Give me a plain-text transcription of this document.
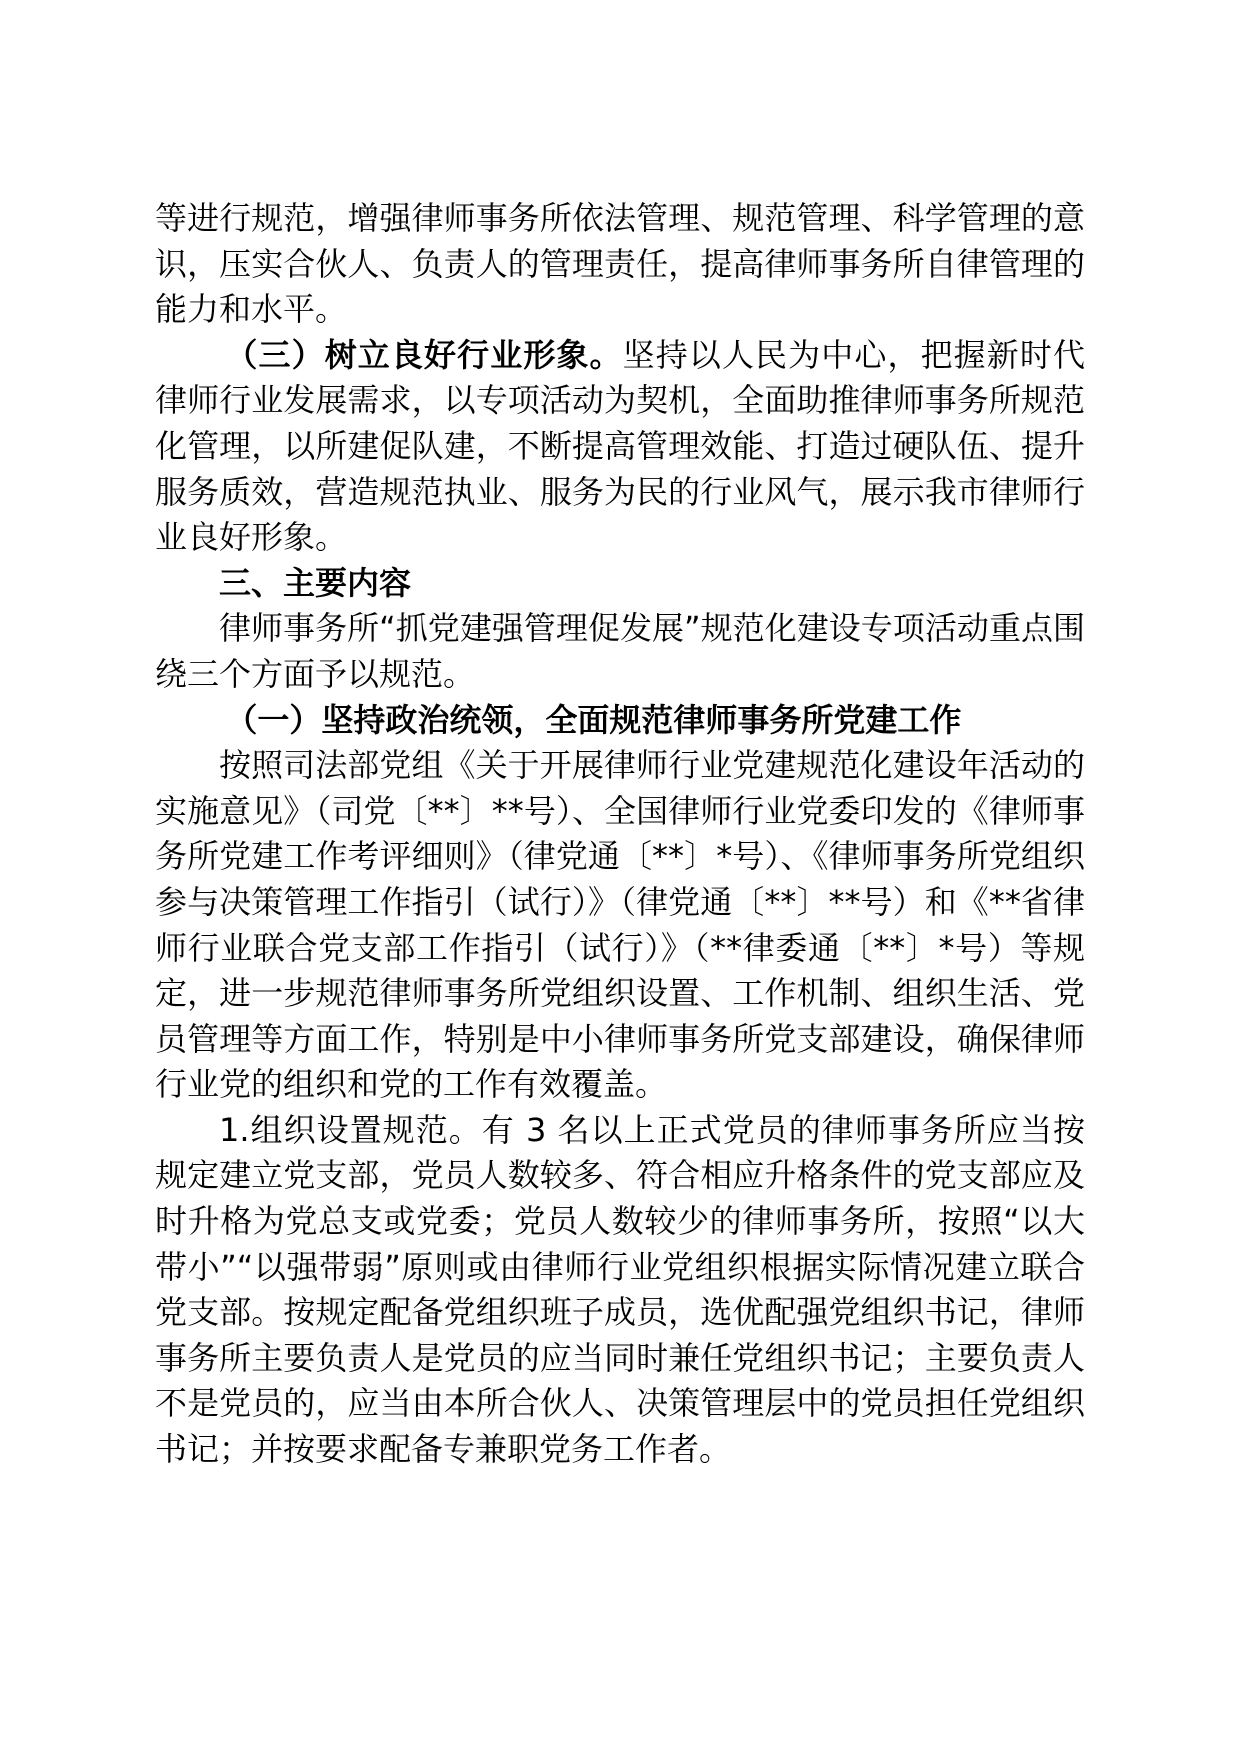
等进行规范，增强律师事务所依法管理、规范管理、科学管理的意识，压实合伙人、负责人的管理责任，提高律师事务所自律管理的能力和水平。

（三）树立良好行业形象。坚持以人民为中心，把握新时代律师行业发展需求，以专项活动为契机，全面助推律师事务所规范化管理，以所建促队建，不断提高管理效能、打造过硬队伍、提升服务质效，营造规范执业、服务为民的行业风气，展示我市律师行业良好形象。

三、主要内容

律师事务所“抓党建强管理促发展”规范化建设专项活动重点围绕三个方面予以规范。

（一）坚持政治统领，全面规范律师事务所党建工作

按照司法部党组《关于开展律师行业党建规范化建设年活动的实施意见》（司党〔**〕**号）、全国律师行业党委印发的《律师事务所党建工作考评细则》（律党通〔**〕*号）、《律师事务所党组织参与决策管理工作指引（试行）》（律党通〔**〕**号）和《**省律师行业联合党支部工作指引（试行）》（**律委通〔**〕*号）等规定，进一步规范律师事务所党组织设置、工作机制、组织生活、党员管理等方面工作，特别是中小律师事务所党支部建设，确保律师行业党的组织和党的工作有效覆盖。

1.组织设置规范。有 3 名以上正式党员的律师事务所应当按规定建立党支部，党员人数较多、符合相应升格条件的党支部应及时升格为党总支或党委；党员人数较少的律师事务所，按照“以大带小”“以强带弱”原则或由律师行业党组织根据实际情况建立联合党支部。按规定配备党组织班子成员，选优配强党组织书记，律师事务所主要负责人是党员的应当同时兼任党组织书记；主要负责人不是党员的，应当由本所合伙人、决策管理层中的党员担任党组织书记；并按要求配备专兼职党务工作者。
